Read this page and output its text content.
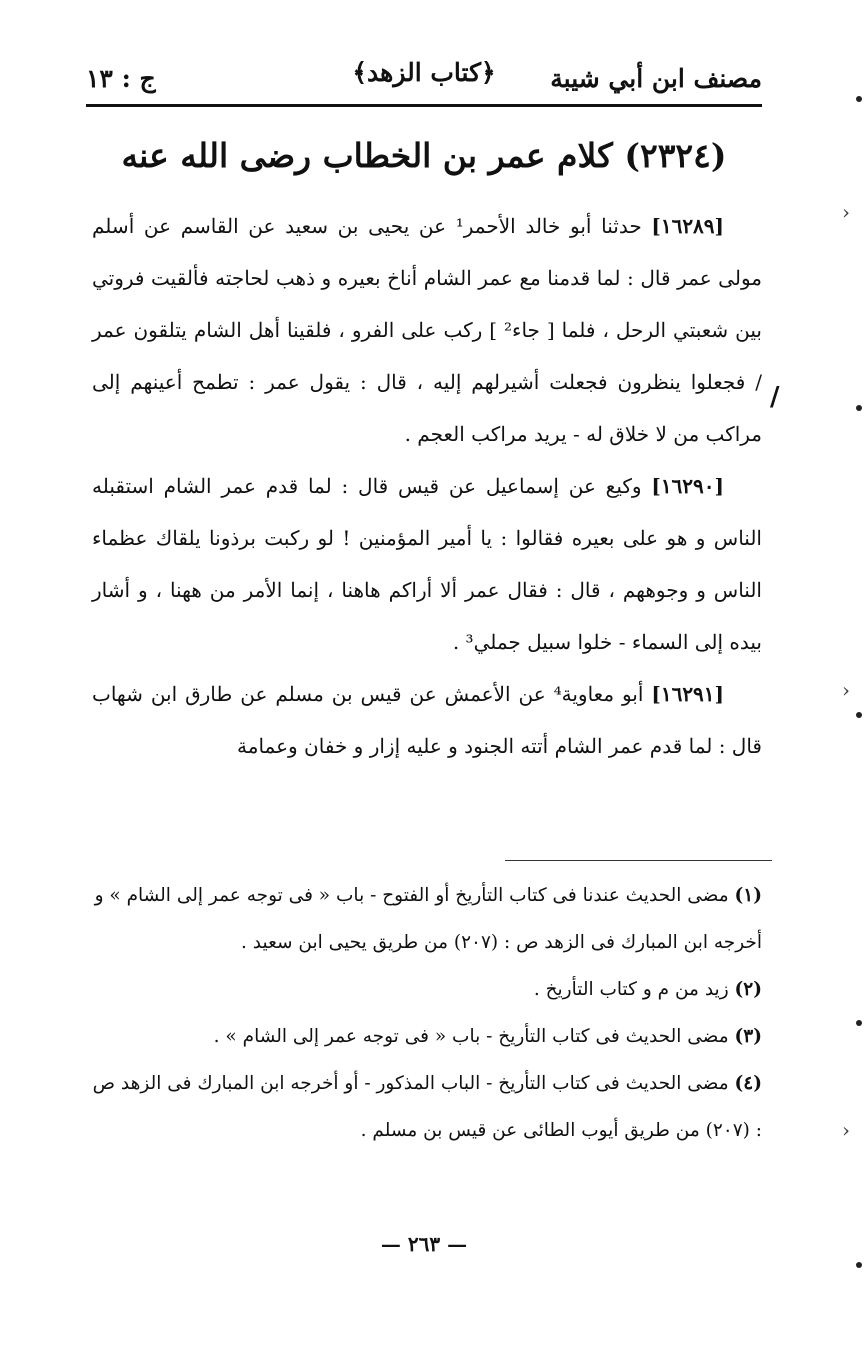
مصنف ابن أبي شيبة
﴿كتاب الزهد﴾
ج : ١٣
(٢٣٢٤) كلام عمر بن الخطاب رضى الله عنه

[١٦٢٨٩] حدثنا أبو خالد الأحمر¹ عن يحيى بن سعيد عن القاسم عن أسلم مولى عمر قال : لما قدمنا مع عمر الشام أناخ بعيره و ذهب لحاجته فألقيت فروتي بين شعبتي الرحل ، فلما [ جاء² ] ركب على الفرو ، فلقينا أهل الشام يتلقون عمر / فجعلوا ينظرون فجعلت أشيرلهم إليه ، قال : يقول عمر : تطمح أعينهم إلى مراكب من لا خلاق له - يريد مراكب العجم .

[١٦٢٩٠] وكيع عن إسماعيل عن قيس قال : لما قدم عمر الشام استقبله الناس و هو على بعيره فقالوا : يا أمير المؤمنين ! لو ركبت برذونا يلقاك عظماء الناس و وجوههم ، قال : فقال عمر ألا أراكم هاهنا ، إنما الأمر من ههنا ، و أشار بيده إلى السماء - خلوا سبيل جملي³ .

[١٦٢٩١] أبو معاوية⁴ عن الأعمش عن قيس بن مسلم عن طارق ابن شهاب قال : لما قدم عمر الشام أتته الجنود و عليه إزار و خفان وعمامة

/

(١) مضى الحديث عندنا فى كتاب التأريخ أو الفتوح - باب « فى توجه عمر إلى الشام » و أخرجه ابن المبارك فى الزهد ص : (٢٠٧) من طريق يحيى ابن سعيد .

(٢) زيد من م و كتاب التأريخ .

(٣) مضى الحديث فى كتاب التأريخ - باب « فى توجه عمر إلى الشام » .

(٤) مضى الحديث فى كتاب التأريخ - الباب المذكور - أو أخرجه ابن المبارك فى الزهد ص : (٢٠٧) من طريق أيوب الطائى عن قيس بن مسلم .

— ٢٦٣ —
‹
‹
‹
